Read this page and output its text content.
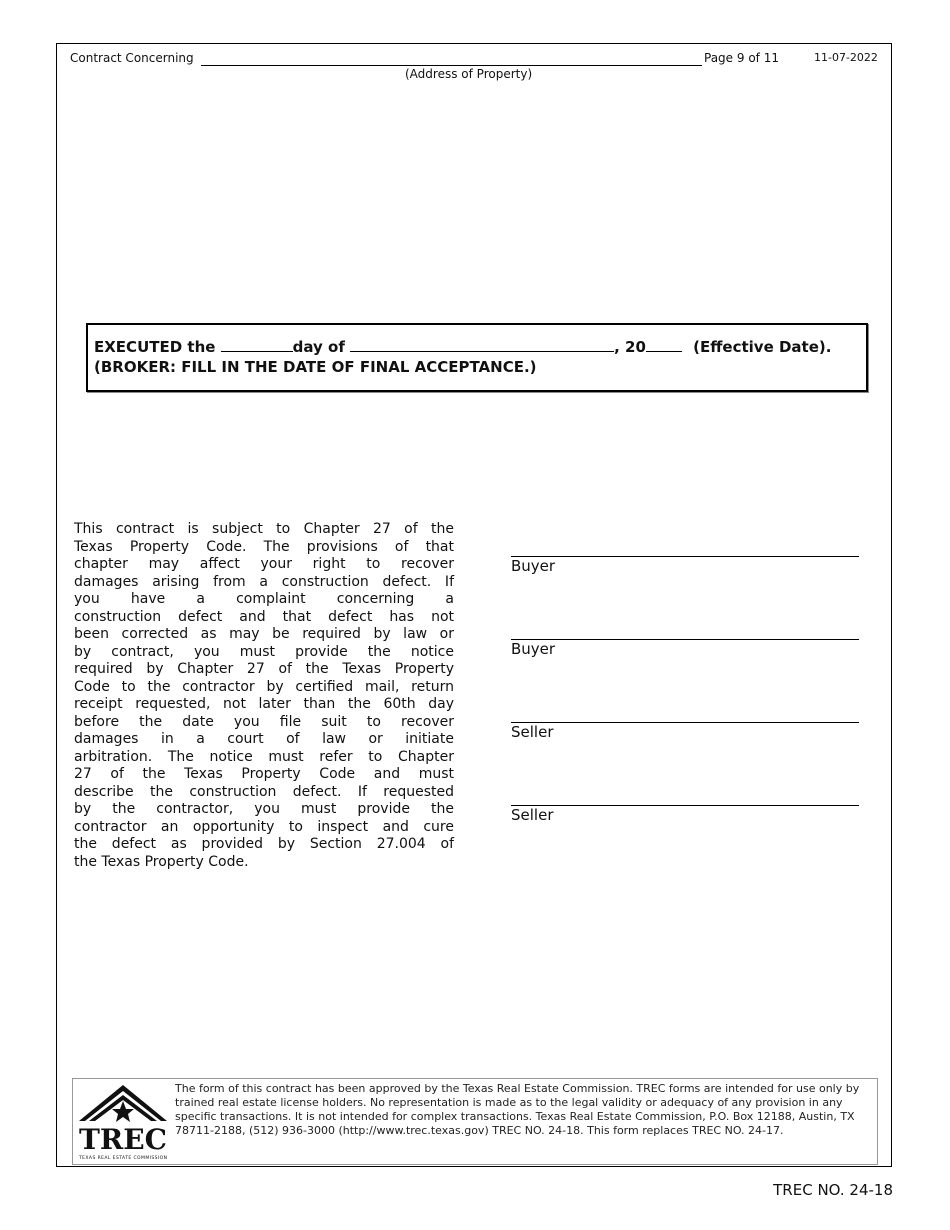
Contract Concerning
(Address of Property)
Page 9 of 11	11-07-2022
EXECUTED the	day of	, 20	(Effective Date).
(BROKER: FILL IN THE DATE OF FINAL ACCEPTANCE.)
This contract is subject to Chapter 27 of the
Texas Property Code. The provisions of that
chapter may affect your right to recover
damages arising from a construction defect. If
you have a complaint concerning a
construction defect and that defect has not
been corrected as may be required by law or
by contract, you must provide the notice
required by Chapter 27 of the Texas Property
Code to the contractor by certified mail, return
receipt requested, not later than the 60th day
before the date you file suit to recover
damages in a court of law or initiate
arbitration. The notice must refer to Chapter
27 of the Texas Property Code and must
describe the construction defect. If requested
by the contractor, you must provide the
contractor an opportunity to inspect and cure
the defect as provided by Section 27.004 of
the Texas Property Code.
Buyer
Buyer
Seller
Seller
TREC
TEXAS REAL ESTATE COMMISSION
The form of this contract has been approved by the Texas Real Estate Commission. TREC forms are intended for use only by trained real estate license holders. No representation is made as to the legal validity or adequacy of any provision in any specific transactions. It is not intended for complex transactions. Texas Real Estate Commission, P.O. Box 12188, Austin, TX 78711-2188, (512) 936-3000 (http://www.trec.texas.gov) TREC NO. 24-18. This form replaces TREC NO. 24-17.
TREC NO. 24-18
